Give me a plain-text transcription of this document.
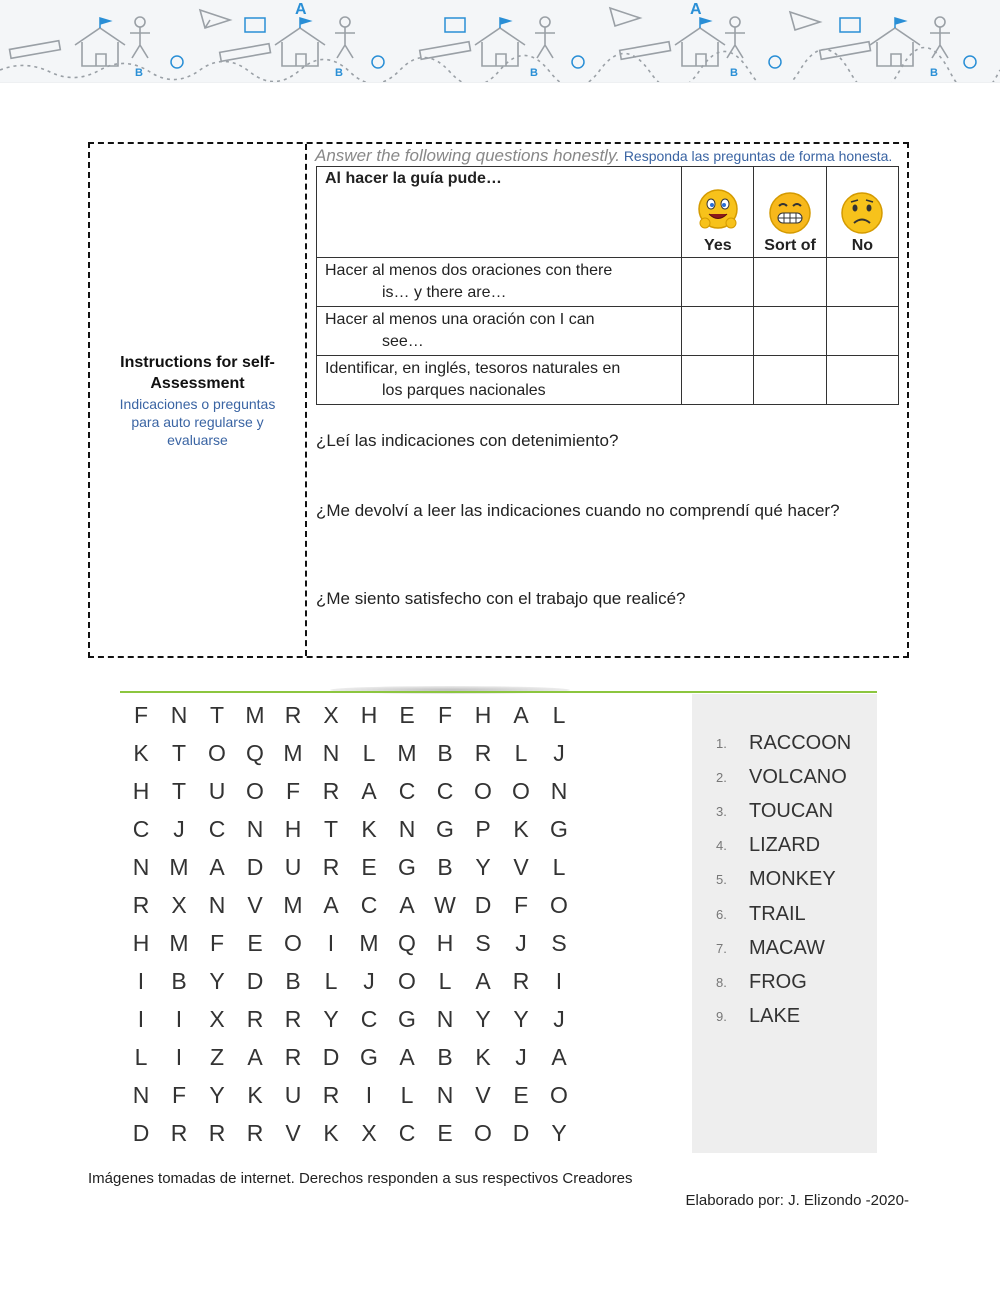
A	A
B	B	B	B	B
Instructions for self-Assessment
Indicaciones o preguntas para auto regularse y evaluarse
Answer the following questions honestly. Responda las preguntas de forma honesta.
Al hacer la guía pude…	Yes	Sort of	No
Hacer al menos dos oraciones con there
is… y there are…			

Hacer al menos una oración con I can
see…			

Identificar, en inglés, tesoros naturales en
los parques nacionales			

¿Leí las indicaciones con detenimiento?
¿Me devolví a leer las indicaciones cuando no comprendí qué hacer?
¿Me siento satisfecho con el trabajo que realicé?
F N T M R X H E	F H A	L
K	T O Q M N	L M B R	L	J
H T U O F R A C C O O N
C	J	C N H T	K N G P K G
N M A D U R E G B Y V	L
R X N V M A C A W D F O
H M F	E O	I	M Q H S	J	S
I	B Y D B	L	J	O L	A R	I
I	I	X R R Y C G N Y Y	J
L	I	Z	A R D G A B K	J	A
N F	Y K U R	I	L	N V E O
D R R R V K X C E O D Y
1.	RACCOON
2.	VOLCANO
3.	TOUCAN
4.	LIZARD
5.	MONKEY
6.	TRAIL
7.	MACAW
8.	FROG
9.	LAKE
Imágenes tomadas de internet. Derechos responden a sus respectivos Creadores
Elaborado por: J. Elizondo -2020-
